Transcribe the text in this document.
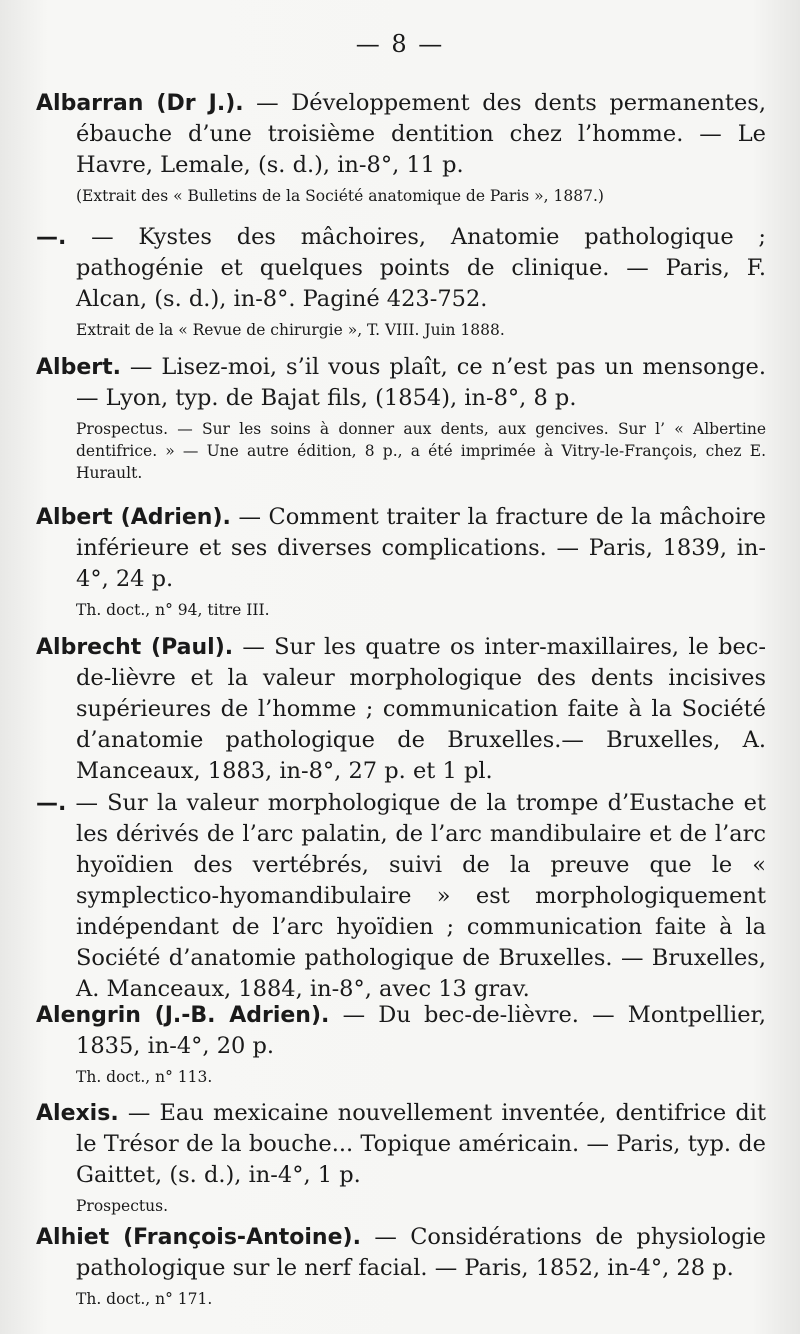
— 8 —
Albarran (Dr J.). — Développement des dents permanentes, ébauche d’une troisième dentition chez l’homme. — Le Havre, Lemale, (s. d.), in-8°, 11 p.
(Extrait des « Bulletins de la Société anatomique de Paris », 1887.)
—. — Kystes des mâchoires, Anatomie pathologique ; pathogénie et quelques points de clinique. — Paris, F. Alcan, (s. d.), in-8°. Paginé 423-752.
Extrait de la « Revue de chirurgie », T. VIII. Juin 1888.
Albert. — Lisez-moi, s’il vous plaît, ce n’est pas un mensonge. — Lyon, typ. de Bajat fils, (1854), in-8°, 8 p.
Prospectus. — Sur les soins à donner aux dents, aux gencives. Sur l’ « Albertine dentifrice. » — Une autre édition, 8 p., a été imprimée à Vitry-le-François, chez E. Hurault.
Albert (Adrien). — Comment traiter la fracture de la mâchoire inférieure et ses diverses complications. — Paris, 1839, in-4°, 24 p.
Th. doct., n° 94, titre III.
Albrecht (Paul). — Sur les quatre os inter-maxillaires, le bec-de-lièvre et la valeur morphologique des dents incisives supérieures de l’homme ; communication faite à la Société d’anatomie pathologique de Bruxelles.— Bruxelles, A. Manceaux, 1883, in-8°, 27 p. et 1 pl.
—. — Sur la valeur morphologique de la trompe d’Eustache et les dérivés de l’arc palatin, de l’arc mandibulaire et de l’arc hyoïdien des vertébrés, suivi de la preuve que le « symplectico-hyomandibulaire » est morphologiquement indépendant de l’arc hyoïdien ; communication faite à la Société d’anatomie pathologique de Bruxelles. — Bruxelles, A. Manceaux, 1884, in-8°, avec 13 grav.
Alengrin (J.-B. Adrien). — Du bec-de-lièvre. — Montpellier, 1835, in-4°, 20 p.
Th. doct., n° 113.
Alexis. — Eau mexicaine nouvellement inventée, dentifrice dit le Trésor de la bouche... Topique américain. — Paris, typ. de Gaittet, (s. d.), in-4°, 1 p.
Prospectus.
Alhiet (François-Antoine). — Considérations de physiologie pathologique sur le nerf facial. — Paris, 1852, in-4°, 28 p.
Th. doct., n° 171.
